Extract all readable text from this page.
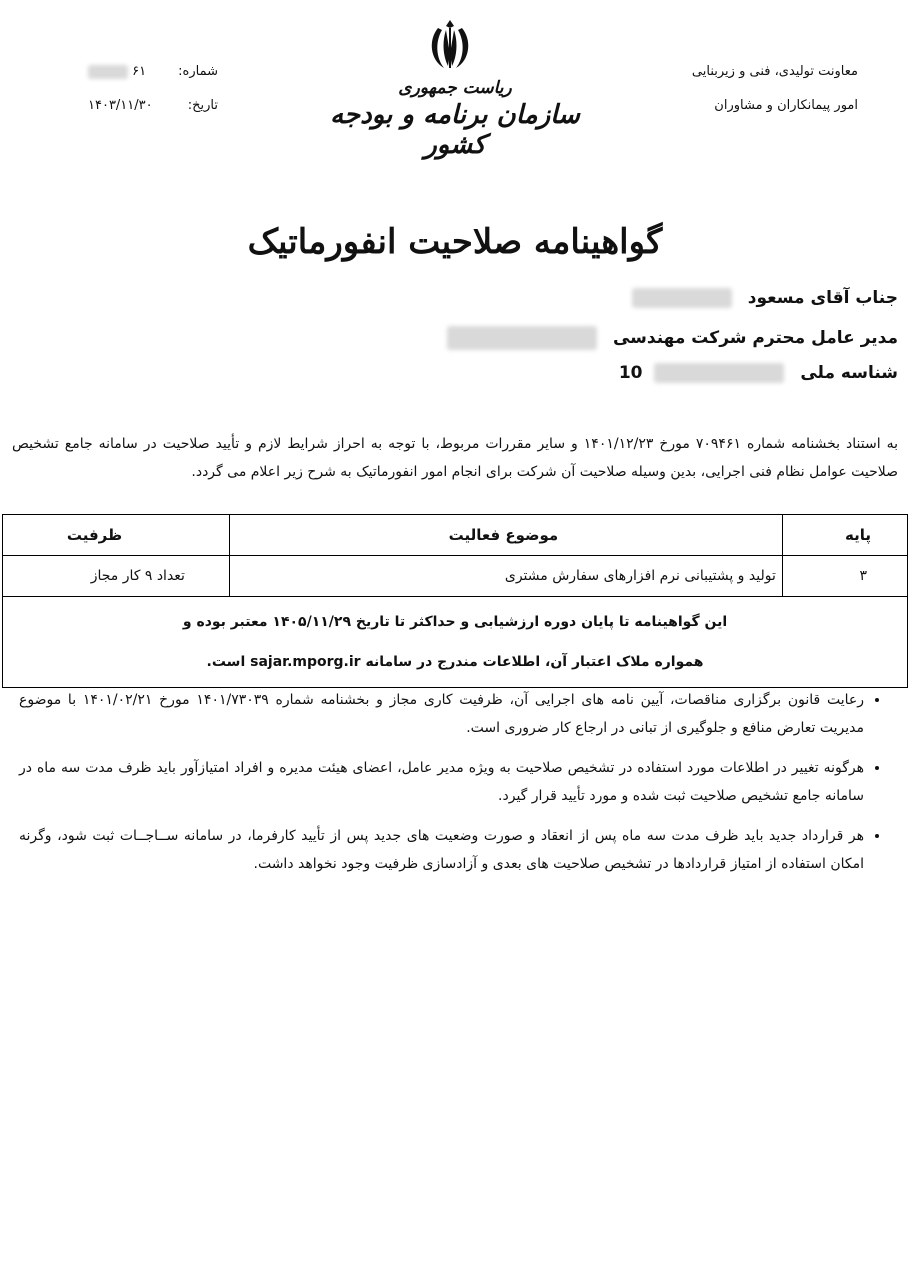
معاونت تولیدی، فنی و زیربنایی
امور پیمانکاران و مشاوران
شماره:
۶۱
تاریخ:
۱۴۰۳/۱۱/۳۰
ریاست جمهوری
سازمان برنامه و بودجه کشور
گواهینامه صلاحیت انفورماتیک
جناب آقای مسعود
مدیر عامل محترم شرکت مهندسی
شناسه ملی  10
به استناد بخشنامه شماره ۷۰۹۴۶۱ مورخ ۱۴۰۱/۱۲/۲۳ و سایر مقررات مربوط، با توجه به احراز شرایط لازم و تأیید صلاحیت در سامانه جامع تشخیص صلاحیت عوامل نظام فنی اجرایی، بدین وسیله صلاحیت آن شرکت برای انجام امور انفورماتیک به شرح زیر اعلام می گردد.
پایه	موضوع فعالیت	ظرفیت
۳	تولید و پشتیبانی نرم افزارهای سفارش مشتری	تعداد ۹ کار مجاز

این گواهینامه تا پایان دوره ارزشیابی و حداکثر تا تاریخ ۱۴۰۵/۱۱/۲۹ معتبر بوده و
همواره ملاک اعتبار آن، اطلاعات مندرج در سامانه sajar.mporg.ir است.		
• رعایت قانون برگزاری مناقصات، آیین نامه های اجرایی آن، ظرفیت کاری مجاز و بخشنامه شماره ۱۴۰۱/۷۳۰۳۹ مورخ ۱۴۰۱/۰۲/۲۱ با موضوع مدیریت تعارض منافع و جلوگیری از تبانی در ارجاع کار ضروری است.
• هرگونه تغییر در اطلاعات مورد استفاده در تشخیص صلاحیت به ویژه مدیر عامل، اعضای هیئت مدیره و افراد امتیازآور باید ظرف مدت سه ماه در سامانه جامع تشخیص صلاحیت ثبت شده و مورد تأیید قرار گیرد.
• هر قرارداد جدید باید ظرف مدت سه ماه پس از انعقاد و صورت وضعیت های جدید پس از تأیید کارفرما، در سامانه ســاجــات ثبت شود، وگرنه امکان استفاده از امتیاز قراردادها در تشخیص صلاحیت های بعدی و آزادسازی ظرفیت وجود نخواهد داشت.
